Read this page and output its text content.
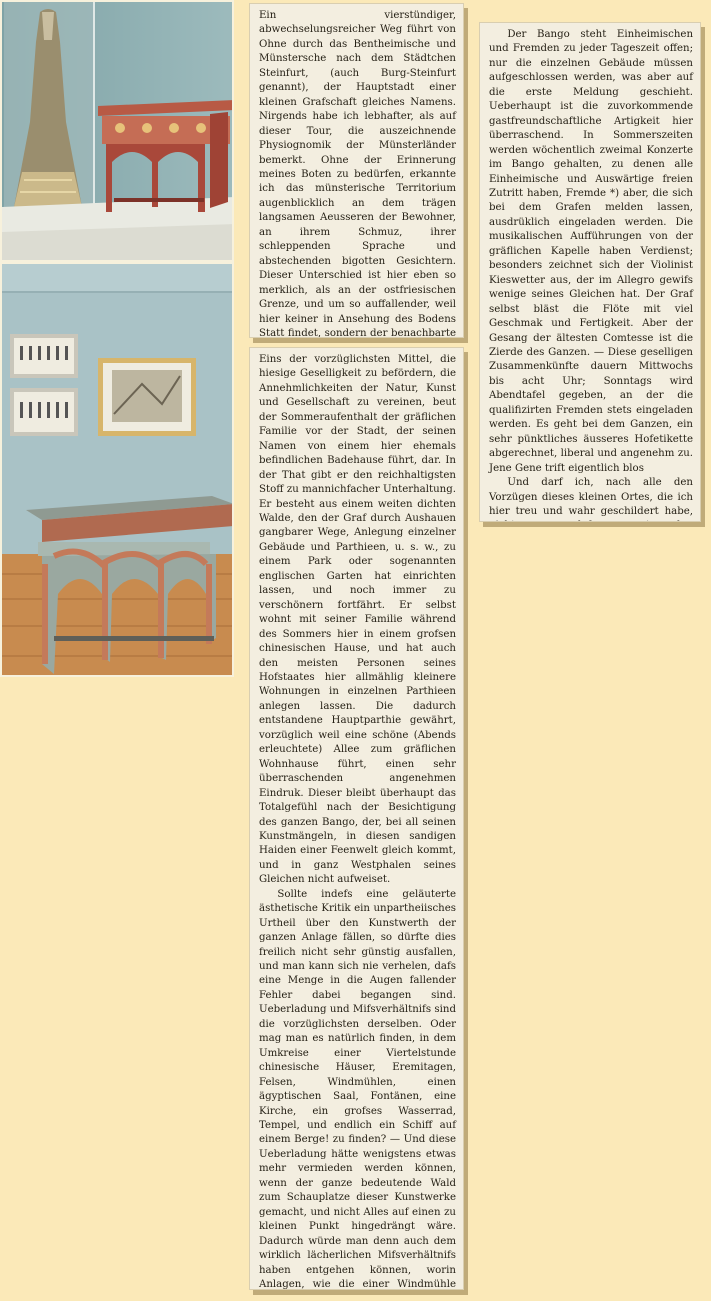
Ein vierstündiger, abwechselungsreicher Weg führt von Ohne durch das Bentheimische und Münstersche nach dem Städtchen Steinfurt, (auch Burg-Steinfurt genannt), der Hauptstadt einer kleinen Grafschaft gleiches Namens. Nirgends habe ich lebhafter, als auf dieser Tour, die auszeichnende Physiognomik der Münsterländer bemerkt. Ohne der Erinnerung meines Boten zu bedürfen, erkannte ich das münsterische Territorium augenblicklich an dem trägen langsamen Aeusseren der Bewohner, an ihrem Schmuz, ihrer schleppenden Sprache und abstechenden bigotten Gesichtern. Dieser Unterschied ist hier eben so merklich, als an der ostfriesischen Grenze, und um so auffallender, weil hier keiner in Ansehung des Bodens Statt findet, sondern der benachbarte

Eins der vorzüglichsten Mittel, die hiesige Geselligkeit zu befördern, die Annehmlichkeiten der Natur, Kunst und Gesellschaft zu vereinen, beut der Sommeraufenthalt der gräflichen Familie vor der Stadt, der seinen Namen von einem hier ehemals befindlichen Badehause führt, dar. In der That gibt er den reichhaltigsten Stoff zu mannichfacher Unterhaltung. Er besteht aus einem weiten dichten Walde, den der Graf durch Aushauen gangbarer Wege, Anlegung einzelner Gebäude und Parthieen, u. s. w., zu einem Park oder sogenannten englischen Garten hat einrichten lassen, und noch immer zu verschönern fortfährt. Er selbst wohnt mit seiner Familie während des Sommers hier in einem grofsen chinesischen Hause, und hat auch den meisten Personen seines Hofstaates hier allmählig kleinere Wohnungen in einzelnen Parthieen anlegen lassen. Die dadurch entstandene Hauptparthie gewährt, vorzüglich weil eine schöne (Abends erleuchtete) Allee zum gräflichen Wohnhause führt, einen sehr überraschenden angenehmen Eindruk. Dieser bleibt überhaupt das Totalgefühl nach der Besichtigung des ganzen Bango, der, bei all seinen Kunstmängeln, in diesen sandigen Haiden einer Feenwelt gleich kommt, und in ganz Westphalen seines Gleichen nicht aufweiset.

Sollte indefs eine geläuterte ästhetische Kritik ein unpartheiisches Urtheil über den Kunstwerth der ganzen Anlage fällen, so dürfte dies freilich nicht sehr günstig ausfallen, und man kann sich nie verhelen, dafs eine Menge in die Augen fallender Fehler dabei begangen sind. Ueberladung und Mifsverhältnifs sind die vorzüglichsten derselben. Oder mag man es natürlich finden, in dem Umkreise einer Viertelstunde chinesische Häuser, Eremitagen, Felsen, Windmühlen, einen ägyptischen Saal, Fontänen, eine Kirche, ein grofses Wasserrad, Tempel, und endlich ein Schiff auf einem Berge! zu finden? — Und diese Ueberladung hätte wenigstens etwas mehr vermieden werden können, wenn der ganze bedeutende Wald zum Schauplatze dieser Kunstwerke gemacht, und nicht Alles auf einen zu kleinen Punkt hingedrängt wäre. Dadurch würde man denn auch dem wirklich lächerlichen Mifsverhältnifs haben entgehen können, worin Anlagen, wie die einer Windmühle

Der Bango steht Einheimischen und Fremden zu jeder Tageszeit offen; nur die einzelnen Gebäude müssen aufgeschlossen werden, was aber auf die erste Meldung geschieht. Ueberhaupt ist die zuvorkommende gastfreundschaftliche Artigkeit hier überraschend. In Sommerszeiten werden wöchentlich zweimal Konzerte im Bango gehalten, zu denen alle Einheimische und Auswärtige freien Zutritt haben, Fremde *) aber, die sich bei dem Grafen melden lassen, ausdrüklich eingeladen werden. Die musikalischen Aufführungen von der gräflichen Kapelle haben Verdienst; besonders zeichnet sich der Violinist Kieswetter aus, der im Allegro gewifs wenige seines Gleichen hat. Der Graf selbst bläst die Flöte mit viel Geschmak und Fertigkeit. Aber der Gesang der ältesten Comtesse ist die Zierde des Ganzen. — Diese geselligen Zusammenkünfte dauern Mittwochs bis acht Uhr; Sonntags wird Abendtafel gegeben, an der die qualifizirten Fremden stets eingeladen werden. Es geht bei dem Ganzen, ein sehr pünktliches äusseres Hofetikette abgerechnet, liberal und angenehm zu. Jene Gene trift eigentlich blos

Und darf ich, nach alle den Vorzügen dieses kleinen Ortes, die ich hier treu und wahr geschildert habe,
